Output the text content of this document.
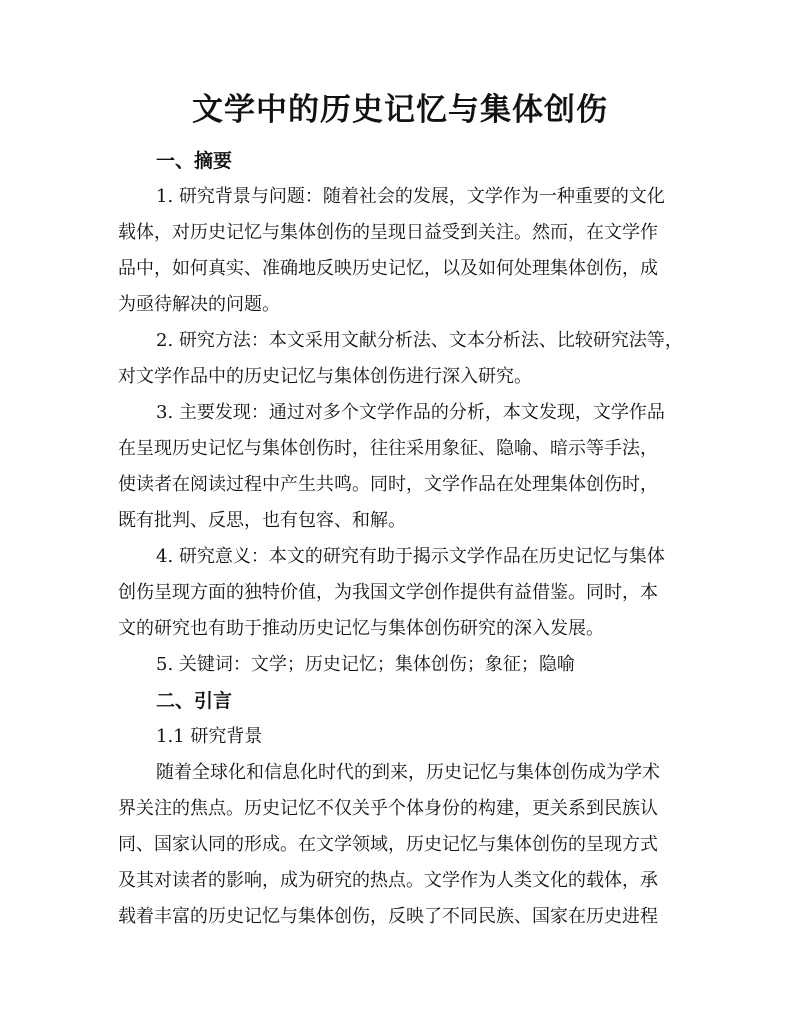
文学中的历史记忆与集体创伤
一、摘要

1. 研究背景与问题：随着社会的发展，文学作为一种重要的文化
载体，对历史记忆与集体创伤的呈现日益受到关注。然而，在文学作
品中，如何真实、准确地反映历史记忆，以及如何处理集体创伤，成
为亟待解决的问题。

2. 研究方法：本文采用文献分析法、文本分析法、比较研究法等，
对文学作品中的历史记忆与集体创伤进行深入研究。

3. 主要发现：通过对多个文学作品的分析，本文发现，文学作品
在呈现历史记忆与集体创伤时，往往采用象征、隐喻、暗示等手法，
使读者在阅读过程中产生共鸣。同时，文学作品在处理集体创伤时，
既有批判、反思，也有包容、和解。

4. 研究意义：本文的研究有助于揭示文学作品在历史记忆与集体
创伤呈现方面的独特价值，为我国文学创作提供有益借鉴。同时，本
文的研究也有助于推动历史记忆与集体创伤研究的深入发展。

5. 关键词：文学；历史记忆；集体创伤；象征；隐喻

二、引言

1.1 研究背景

随着全球化和信息化时代的到来，历史记忆与集体创伤成为学术
界关注的焦点。历史记忆不仅关乎个体身份的构建，更关系到民族认
同、国家认同的形成。在文学领域，历史记忆与集体创伤的呈现方式
及其对读者的影响，成为研究的热点。文学作为人类文化的载体，承
载着丰富的历史记忆与集体创伤，反映了不同民族、国家在历史进程
